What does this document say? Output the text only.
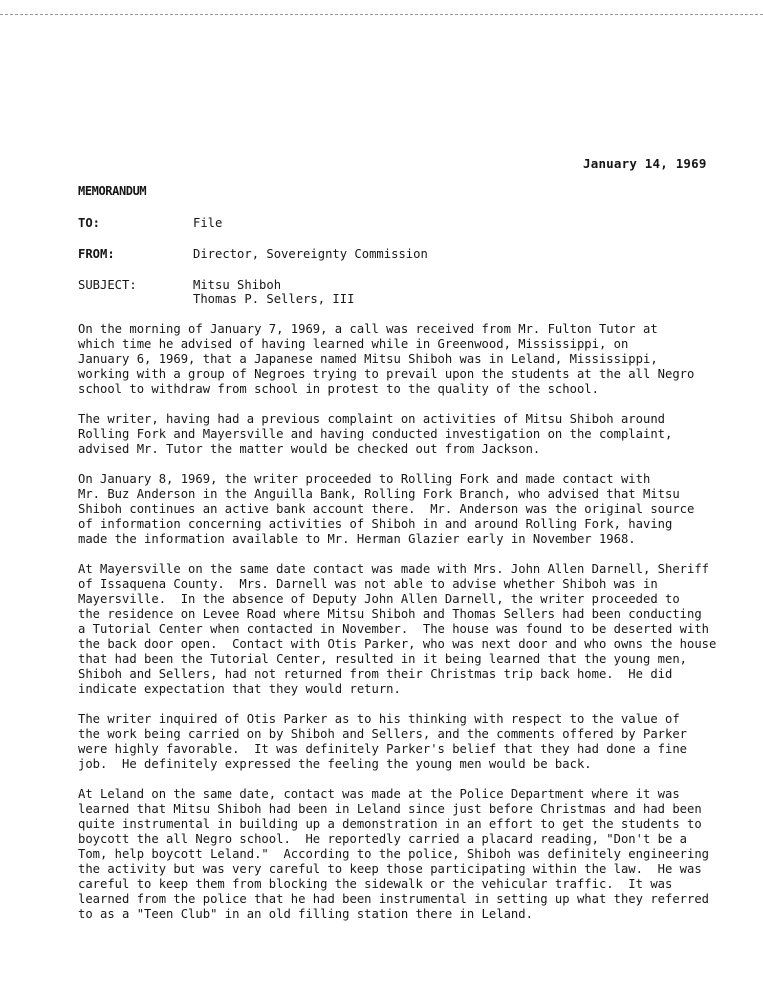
January 14, 1969
MEMORANDUM
TO:	File
FROM:	Director, Sovereignty Commission
SUBJECT:	Mitsu Shiboh
Thomas P. Sellers, III
On the morning of January 7, 1969, a call was received from Mr. Fulton Tutor at
which time he advised of having learned while in Greenwood, Mississippi, on
January 6, 1969, that a Japanese named Mitsu Shiboh was in Leland, Mississippi,
working with a group of Negroes trying to prevail upon the students at the all Negro
school to withdraw from school in protest to the quality of the school.
The writer, having had a previous complaint on activities of Mitsu Shiboh around
Rolling Fork and Mayersville and having conducted investigation on the complaint,
advised Mr. Tutor the matter would be checked out from Jackson.
On January 8, 1969, the writer proceeded to Rolling Fork and made contact with
Mr. Buz Anderson in the Anguilla Bank, Rolling Fork Branch, who advised that Mitsu
Shiboh continues an active bank account there.  Mr. Anderson was the original source
of information concerning activities of Shiboh in and around Rolling Fork, having
made the information available to Mr. Herman Glazier early in November 1968.
At Mayersville on the same date contact was made with Mrs. John Allen Darnell, Sheriff
of Issaquena County.  Mrs. Darnell was not able to advise whether Shiboh was in
Mayersville.  In the absence of Deputy John Allen Darnell, the writer proceeded to
the residence on Levee Road where Mitsu Shiboh and Thomas Sellers had been conducting
a Tutorial Center when contacted in November.  The house was found to be deserted with
the back door open.  Contact with Otis Parker, who was next door and who owns the house
that had been the Tutorial Center, resulted in it being learned that the young men,
Shiboh and Sellers, had not returned from their Christmas trip back home.  He did
indicate expectation that they would return.
The writer inquired of Otis Parker as to his thinking with respect to the value of
the work being carried on by Shiboh and Sellers, and the comments offered by Parker
were highly favorable.  It was definitely Parker's belief that they had done a fine
job.  He definitely expressed the feeling the young men would be back.
At Leland on the same date, contact was made at the Police Department where it was
learned that Mitsu Shiboh had been in Leland since just before Christmas and had been
quite instrumental in building up a demonstration in an effort to get the students to
boycott the all Negro school.  He reportedly carried a placard reading, "Don't be a
Tom, help boycott Leland."  According to the police, Shiboh was definitely engineering
the activity but was very careful to keep those participating within the law.  He was
careful to keep them from blocking the sidewalk or the vehicular traffic.  It was
learned from the police that he had been instrumental in setting up what they referred
to as a "Teen Club" in an old filling station there in Leland.
